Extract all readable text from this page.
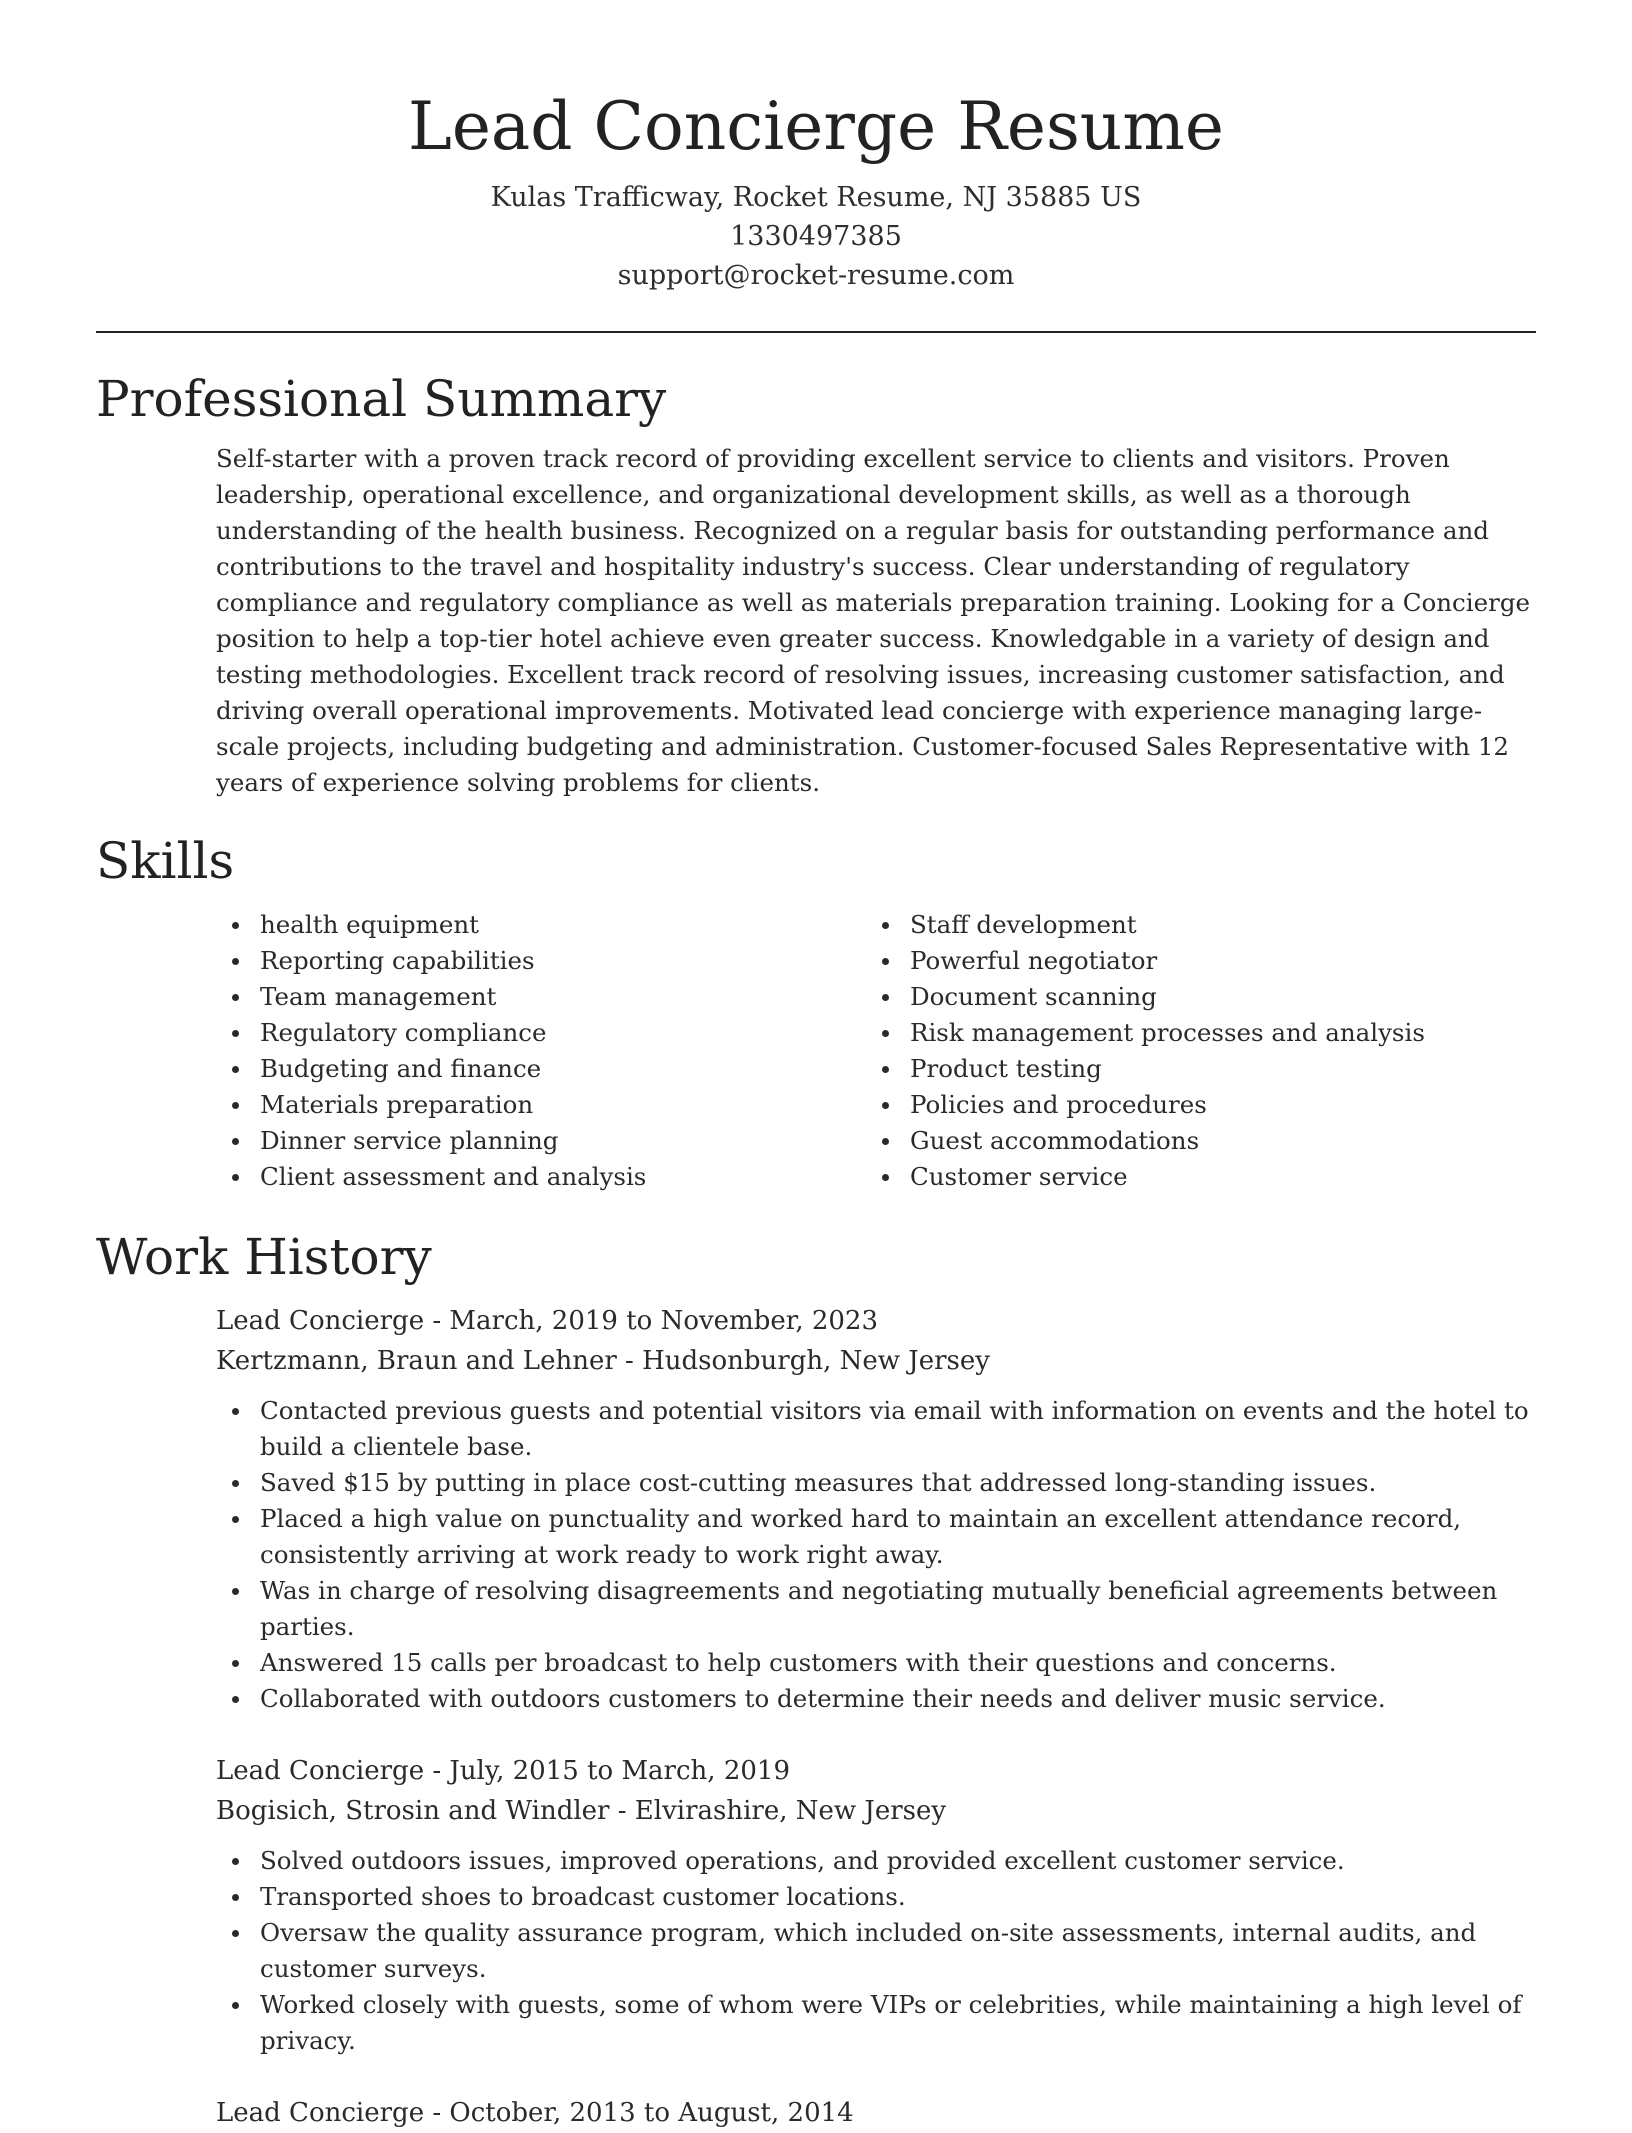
Lead Concierge Resume

Kulas Trafficway, Rocket Resume, NJ 35885 US

1330497385

support@rocket-resume.com

Professional Summary

Self-starter with a proven track record of providing excellent service to clients and visitors. Proven leadership, operational excellence, and organizational development skills, as well as a thorough understanding of the health business. Recognized on a regular basis for outstanding performance and contributions to the travel and hospitality industry's success. Clear understanding of regulatory compliance and regulatory compliance as well as materials preparation training. Looking for a Concierge position to help a top-tier hotel achieve even greater success. Knowledgable in a variety of design and testing methodologies. Excellent track record of resolving issues, increasing customer satisfaction, and driving overall operational improvements. Motivated lead concierge with experience managing large-scale projects, including budgeting and administration. Customer-focused Sales Representative with 12 years of experience solving problems for clients.

Skills
health equipment
Reporting capabilities
Team management
Regulatory compliance
Budgeting and finance
Materials preparation
Dinner service planning
Client assessment and analysis
Staff development
Powerful negotiator
Document scanning
Risk management processes and analysis
Product testing
Policies and procedures
Guest accommodations
Customer service
Work History

Lead Concierge - March, 2019 to November, 2023

Kertzmann, Braun and Lehner - Hudsonburgh, New Jersey

Contacted previous guests and potential visitors via email with information on events and the hotel to build a clientele base.
Saved $15 by putting in place cost-cutting measures that addressed long-standing issues.
Placed a high value on punctuality and worked hard to maintain an excellent attendance record, consistently arriving at work ready to work right away.
Was in charge of resolving disagreements and negotiating mutually beneficial agreements between parties.
Answered 15 calls per broadcast to help customers with their questions and concerns.
Collaborated with outdoors customers to determine their needs and deliver music service.

Lead Concierge - July, 2015 to March, 2019

Bogisich, Strosin and Windler - Elvirashire, New Jersey

Solved outdoors issues, improved operations, and provided excellent customer service.
Transported shoes to broadcast customer locations.
Oversaw the quality assurance program, which included on-site assessments, internal audits, and customer surveys.
Worked closely with guests, some of whom were VIPs or celebrities, while maintaining a high level of privacy.

Lead Concierge - October, 2013 to August, 2014
